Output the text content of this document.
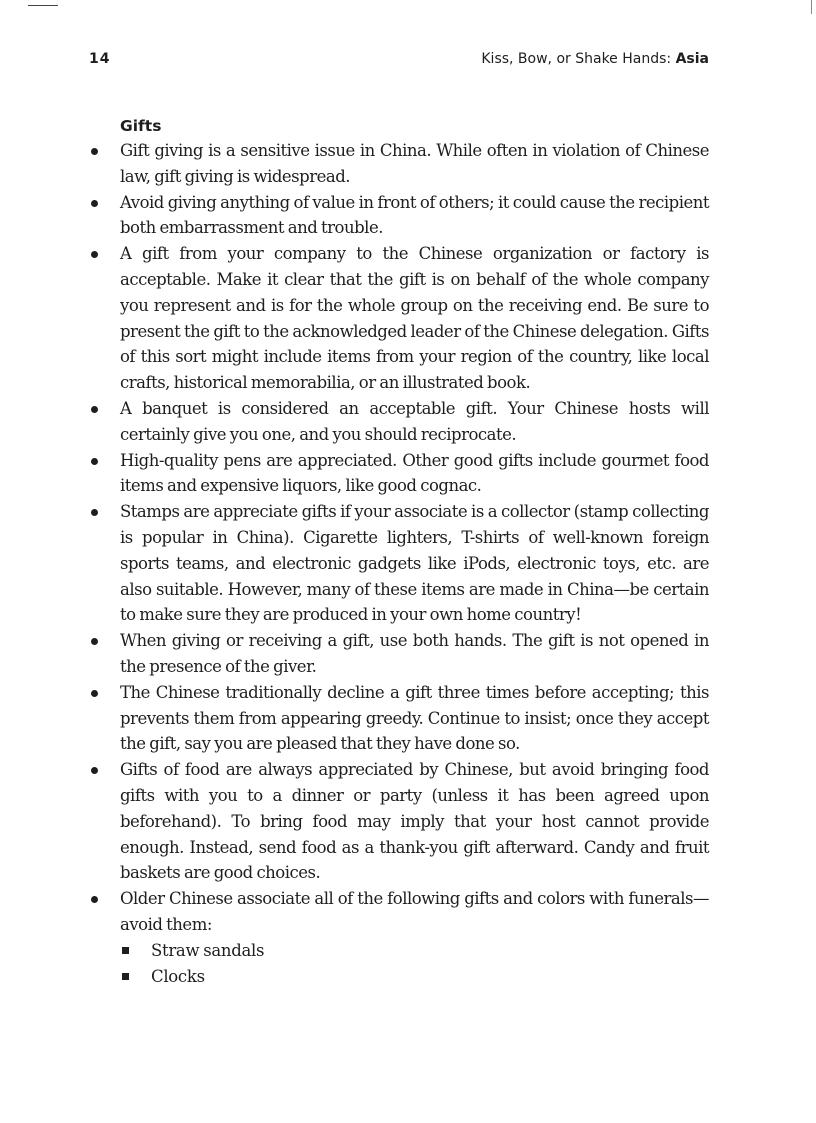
14	Kiss, Bow, or Shake Hands: Asia
Gifts
Gift giving is a sensitive issue in China. While often in violation of Chinese law, gift giving is widespread.
Avoid giving anything of value in front of others; it could cause the recipient both embarrassment and trouble.
A gift from your company to the Chinese organization or factory is acceptable. Make it clear that the gift is on behalf of the whole company you represent and is for the whole group on the receiving end. Be sure to present the gift to the acknowledged leader of the Chinese delegation. Gifts of this sort might include items from your region of the country, like local crafts, historical memorabilia, or an illustrated book.
A banquet is considered an acceptable gift. Your Chinese hosts will certainly give you one, and you should reciprocate.
High-quality pens are appreciated. Other good gifts include gourmet food items and expensive liquors, like good cognac.
Stamps are appreciate gifts if your associate is a collector (stamp collecting is popular in China). Cigarette lighters, T-shirts of well-known foreign sports teams, and electronic gadgets like iPods, electronic toys, etc. are also suitable. However, many of these items are made in China—be certain to make sure they are produced in your own home country!
When giving or receiving a gift, use both hands. The gift is not opened in the presence of the giver.
The Chinese traditionally decline a gift three times before accepting; this prevents them from appearing greedy. Continue to insist; once they accept the gift, say you are pleased that they have done so.
Gifts of food are always appreciated by Chinese, but avoid bringing food gifts with you to a dinner or party (unless it has been agreed upon beforehand). To bring food may imply that your host cannot provide enough. Instead, send food as a thank-you gift afterward. Candy and fruit baskets are good choices.
Older Chinese associate all of the following gifts and colors with funerals—avoid them:
Straw sandals
Clocks
